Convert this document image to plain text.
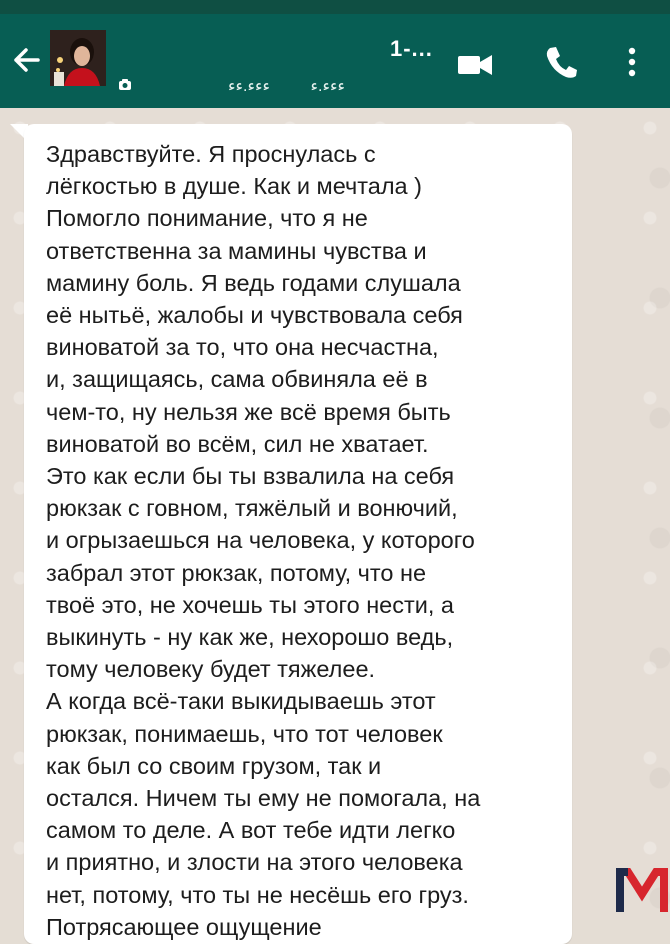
1-...
ءءء.ء ءءء.ءء
Здравствуйте. Я проснулась с
лёгкостью в душе. Как и мечтала )
Помогло понимание, что я не
ответственна за мамины чувства и
мамину боль. Я ведь годами слушала
её нытьё, жалобы и чувствовала себя
виноватой за то, что она несчастна,
и, защищаясь, сама обвиняла её в
чем-то, ну нельзя же всё время быть
виноватой во всём, сил не хватает.
Это как если бы ты взвалила на себя
рюкзак с говном, тяжёлый и вонючий,
и огрызаешься на человека, у которого
забрал этот рюкзак, потому, что не
твоё это, не хочешь ты этого нести, а
выкинуть - ну как же, нехорошо ведь,
тому человеку будет тяжелее.
А когда всё-таки выкидываешь этот
рюкзак, понимаешь, что тот человек
как был со своим грузом, так и
остался. Ничем ты ему не помогала, на
самом то деле. А вот тебе идти легко
и приятно, и злости на этого человека
нет, потому, что ты не несёшь его груз.
Потрясающее ощущение
